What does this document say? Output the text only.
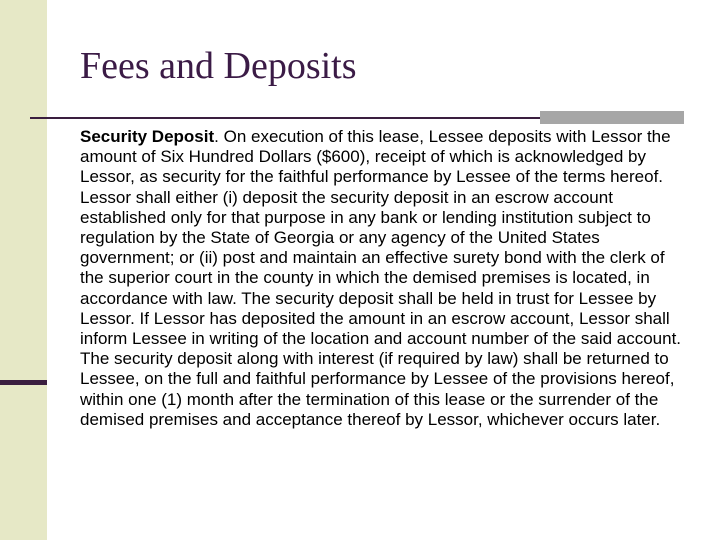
Fees and Deposits

Security Deposit. On execution of this lease, Lessee deposits with Lessor the amount of Six Hundred Dollars ($600), receipt of which is acknowledged by Lessor, as security for the faithful performance by Lessee of the terms hereof. Lessor shall either (i) deposit the security deposit in an escrow account established only for that purpose in any bank or lending institution subject to regulation by the State of Georgia or any agency of the United States government; or (ii) post and maintain an effective surety bond with the clerk of the superior court in the county in which the demised premises is located, in accordance with law. The security deposit shall be held in trust for Lessee by Lessor. If Lessor has deposited the amount in an escrow account, Lessor shall inform Lessee in writing of the location and account number of the said account. The security deposit along with interest (if required by law) shall be returned to Lessee, on the full and faithful performance by Lessee of the provisions hereof, within one (1) month after the termination of this lease or the surrender of the demised premises and acceptance thereof by Lessor, whichever occurs later.
